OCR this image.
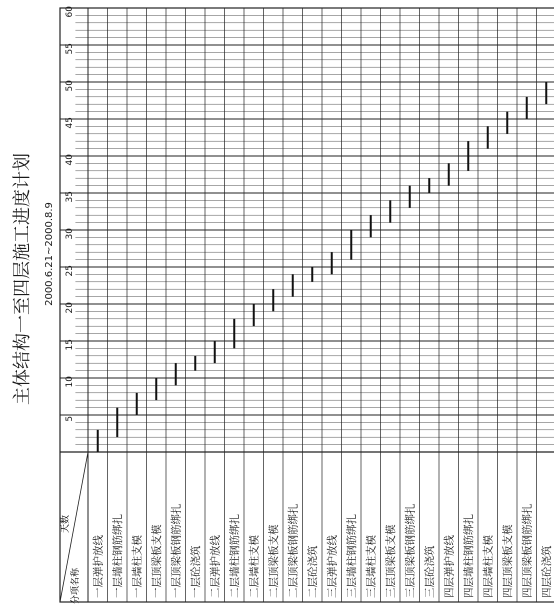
主体结构一至四层施工进度计划 2000.6.21~2000.8.9
5
10
15
20
25
30
35
40
45
50
55
60
一层弹护放线 一层墙柱钢筋绑扎 一层墙柱支模 一层顶梁板支模 一层顶梁板钢筋绑扎 一层砼浇筑 二层弹护放线 二层墙柱钢筋绑扎 二层墙柱支模 二层顶梁板支模 二层顶梁板钢筋绑扎 二层砼浇筑 三层弹护放线 三层墙柱钢筋绑扎 三层墙柱支模 三层顶梁板支模 三层顶梁板钢筋绑扎 三层砼浇筑 四层弹护放线 四层墙柱钢筋绑扎 四层墙柱支模 四层顶梁板支模 四层顶梁板钢筋绑扎 四层砼浇筑
天数
分项名称
